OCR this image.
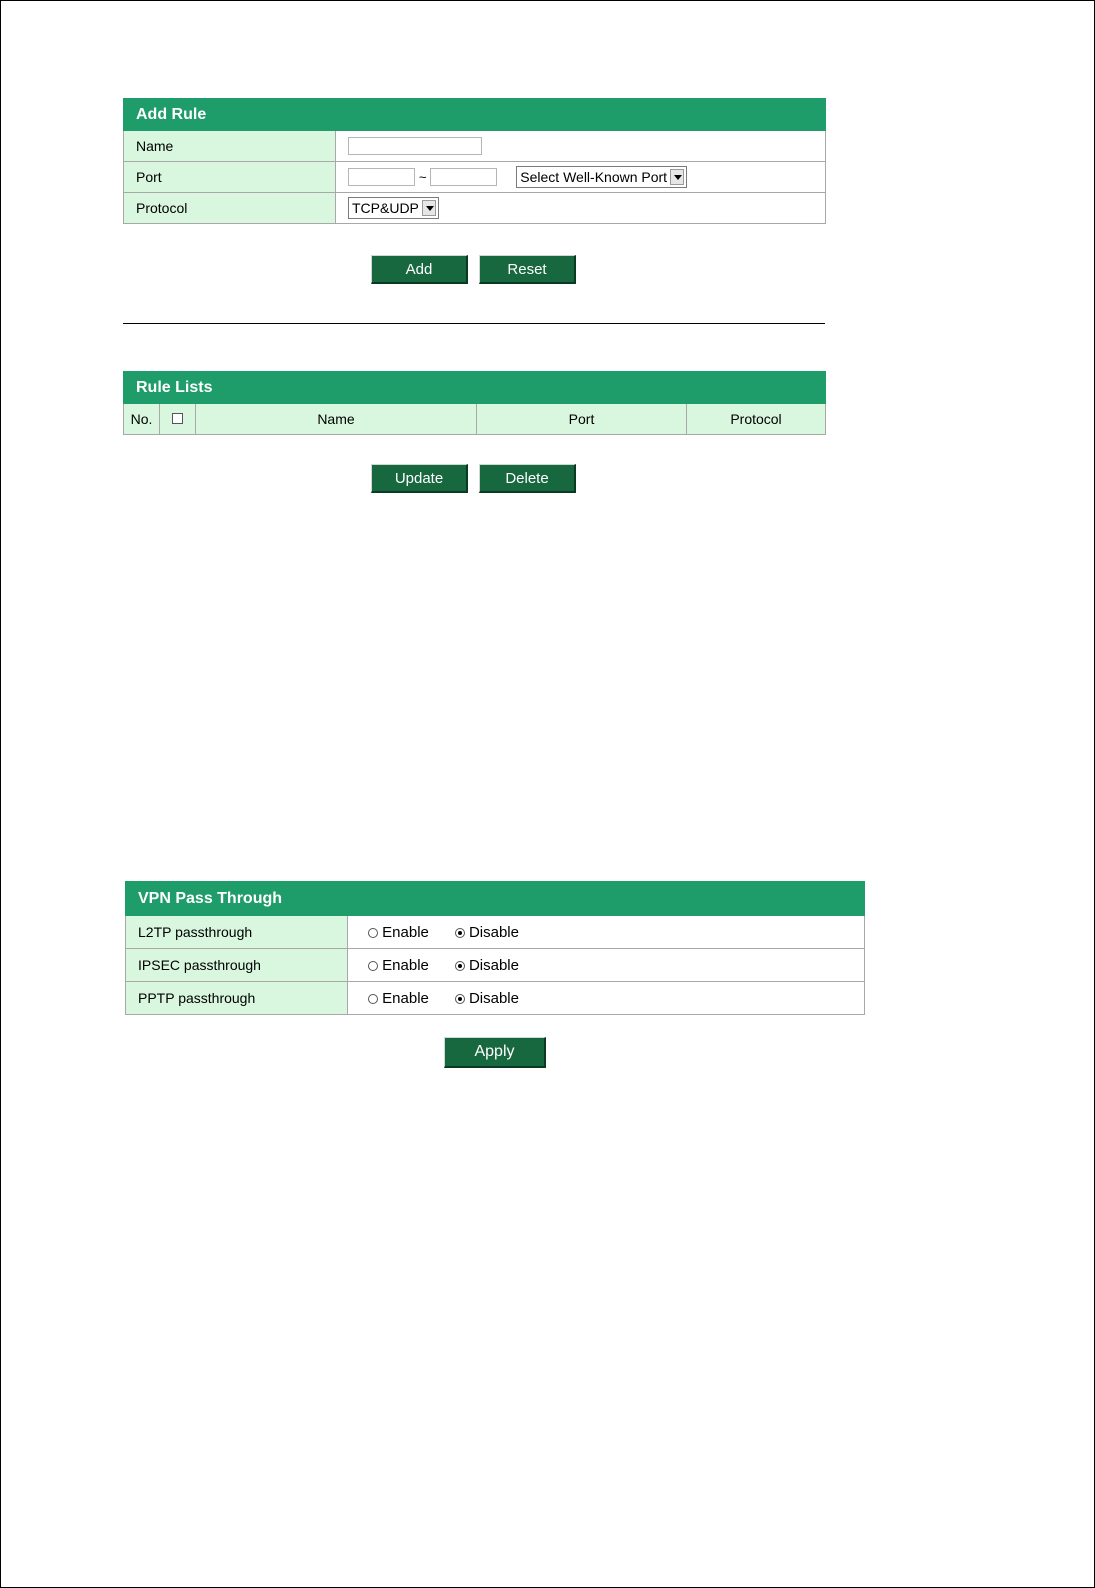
Add Rule	
Name	
Port	~ Select Well-Known Port

Protocol	TCP&UDP
Add	Reset
Rule Lists
No.		Name	Port	Protocol
Update	Delete
VPN Pass Through	
L2TP passthrough	Enable Disable
IPSEC passthrough	Enable Disable
PPTP passthrough	Enable Disable
Apply
